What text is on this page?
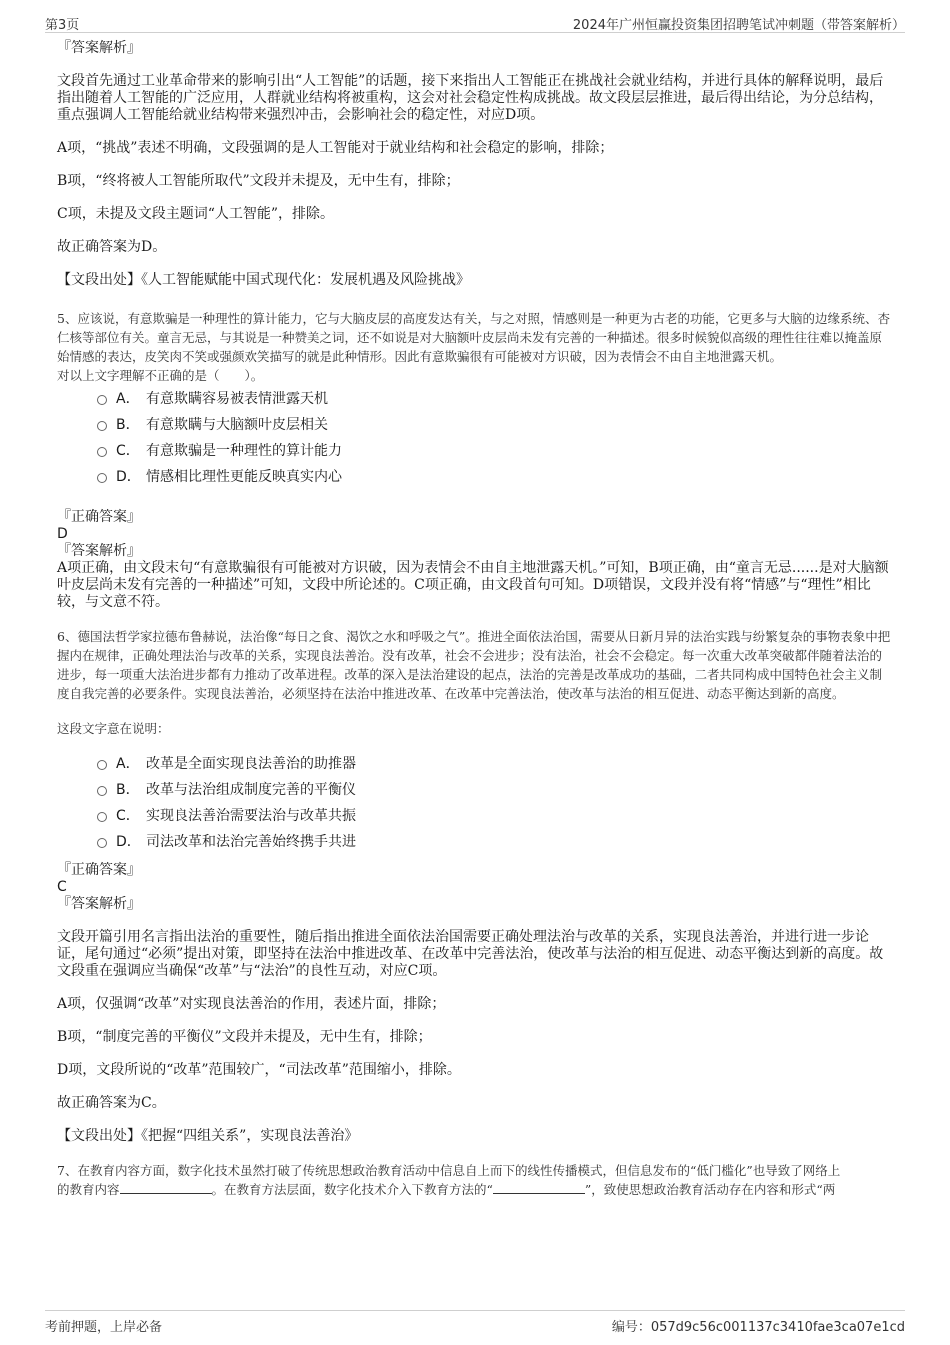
第3页	2024年广州恒赢投资集团招聘笔试冲刺题（带答案解析）

『答案解析』

文段首先通过工业革命带来的影响引出“人工智能”的话题，接下来指出人工智能正在挑战社会就业结构，并进行具体的解释说明，最后指出随着人工智能的广泛应用，人群就业结构将被重构，这会对社会稳定性构成挑战。故文段层层推进，最后得出结论，为分总结构，重点强调人工智能给就业结构带来强烈冲击，会影响社会的稳定性，对应D项。

A项，“挑战”表述不明确，文段强调的是人工智能对于就业结构和社会稳定的影响，排除；

B项，“终将被人工智能所取代”文段并未提及，无中生有，排除；

C项，未提及文段主题词“人工智能”，排除。

故正确答案为D。

【文段出处】《人工智能赋能中国式现代化：发展机遇及风险挑战》

5、应该说，有意欺骗是一种理性的算计能力，它与大脑皮层的高度发达有关，与之对照，情感则是一种更为古老的功能，它更多与大脑的边缘系统、杏仁核等部位有关。童言无忌，与其说是一种赞美之词，还不如说是对大脑额叶皮层尚未发有完善的一种描述。很多时候貌似高级的理性往往难以掩盖原始情感的表达，皮笑肉不笑或强颜欢笑描写的就是此种情形。因此有意欺骗很有可能被对方识破，因为表情会不由自主地泄露天机。

对以上文字理解不正确的是（　　）。

A． 有意欺瞒容易被表情泄露天机
B． 有意欺瞒与大脑额叶皮层相关
C． 有意欺骗是一种理性的算计能力
D． 情感相比理性更能反映真实内心

『正确答案』

D

『答案解析』

A项正确，由文段末句“有意欺骗很有可能被对方识破，因为表情会不由自主地泄露天机。”可知，B项正确，由“童言无忌......是对大脑额叶皮层尚未发有完善的一种描述”可知，文段中所论述的。C项正确，由文段首句可知。D项错误，文段并没有将“情感”与“理性”相比较，与文意不符。

6、德国法哲学家拉德布鲁赫说，法治像“每日之食、渴饮之水和呼吸之气”。推进全面依法治国，需要从日新月异的法治实践与纷繁复杂的事物表象中把握内在规律，正确处理法治与改革的关系，实现良法善治。没有改革，社会不会进步；没有法治，社会不会稳定。每一次重大改革突破都伴随着法治的进步，每一项重大法治进步都有力推动了改革进程。改革的深入是法治建设的起点，法治的完善是改革成功的基础，二者共同构成中国特色社会主义制度自我完善的必要条件。实现良法善治，必须坚持在法治中推进改革、在改革中完善法治，使改革与法治的相互促进、动态平衡达到新的高度。

这段文字意在说明：

A． 改革是全面实现良法善治的助推器
B． 改革与法治组成制度完善的平衡仪
C． 实现良法善治需要法治与改革共振
D． 司法改革和法治完善始终携手共进

『正确答案』

C

『答案解析』

文段开篇引用名言指出法治的重要性，随后指出推进全面依法治国需要正确处理法治与改革的关系，实现良法善治，并进行进一步论证，尾句通过“必须”提出对策，即坚持在法治中推进改革、在改革中完善法治，使改革与法治的相互促进、动态平衡达到新的高度。故文段重在强调应当确保“改革”与“法治”的良性互动，对应C项。

A项，仅强调“改革”对实现良法善治的作用，表述片面，排除；

B项，“制度完善的平衡仪”文段并未提及，无中生有，排除；

D项，文段所说的“改革”范围较广，“司法改革”范围缩小，排除。

故正确答案为C。

【文段出处】《把握“四组关系”，实现良法善治》

7、在教育内容方面，数字化技术虽然打破了传统思想政治教育活动中信息自上而下的线性传播模式，但信息发布的“低门槛化”也导致了网络上
的教育内容	。在教育方法层面，数字化技术介入下教育方法的“	”，致使思想政治教育活动存在内容和形式“两

考前押题，上岸必备	编号：057d9c56c001137c3410fae3ca07e1cd
